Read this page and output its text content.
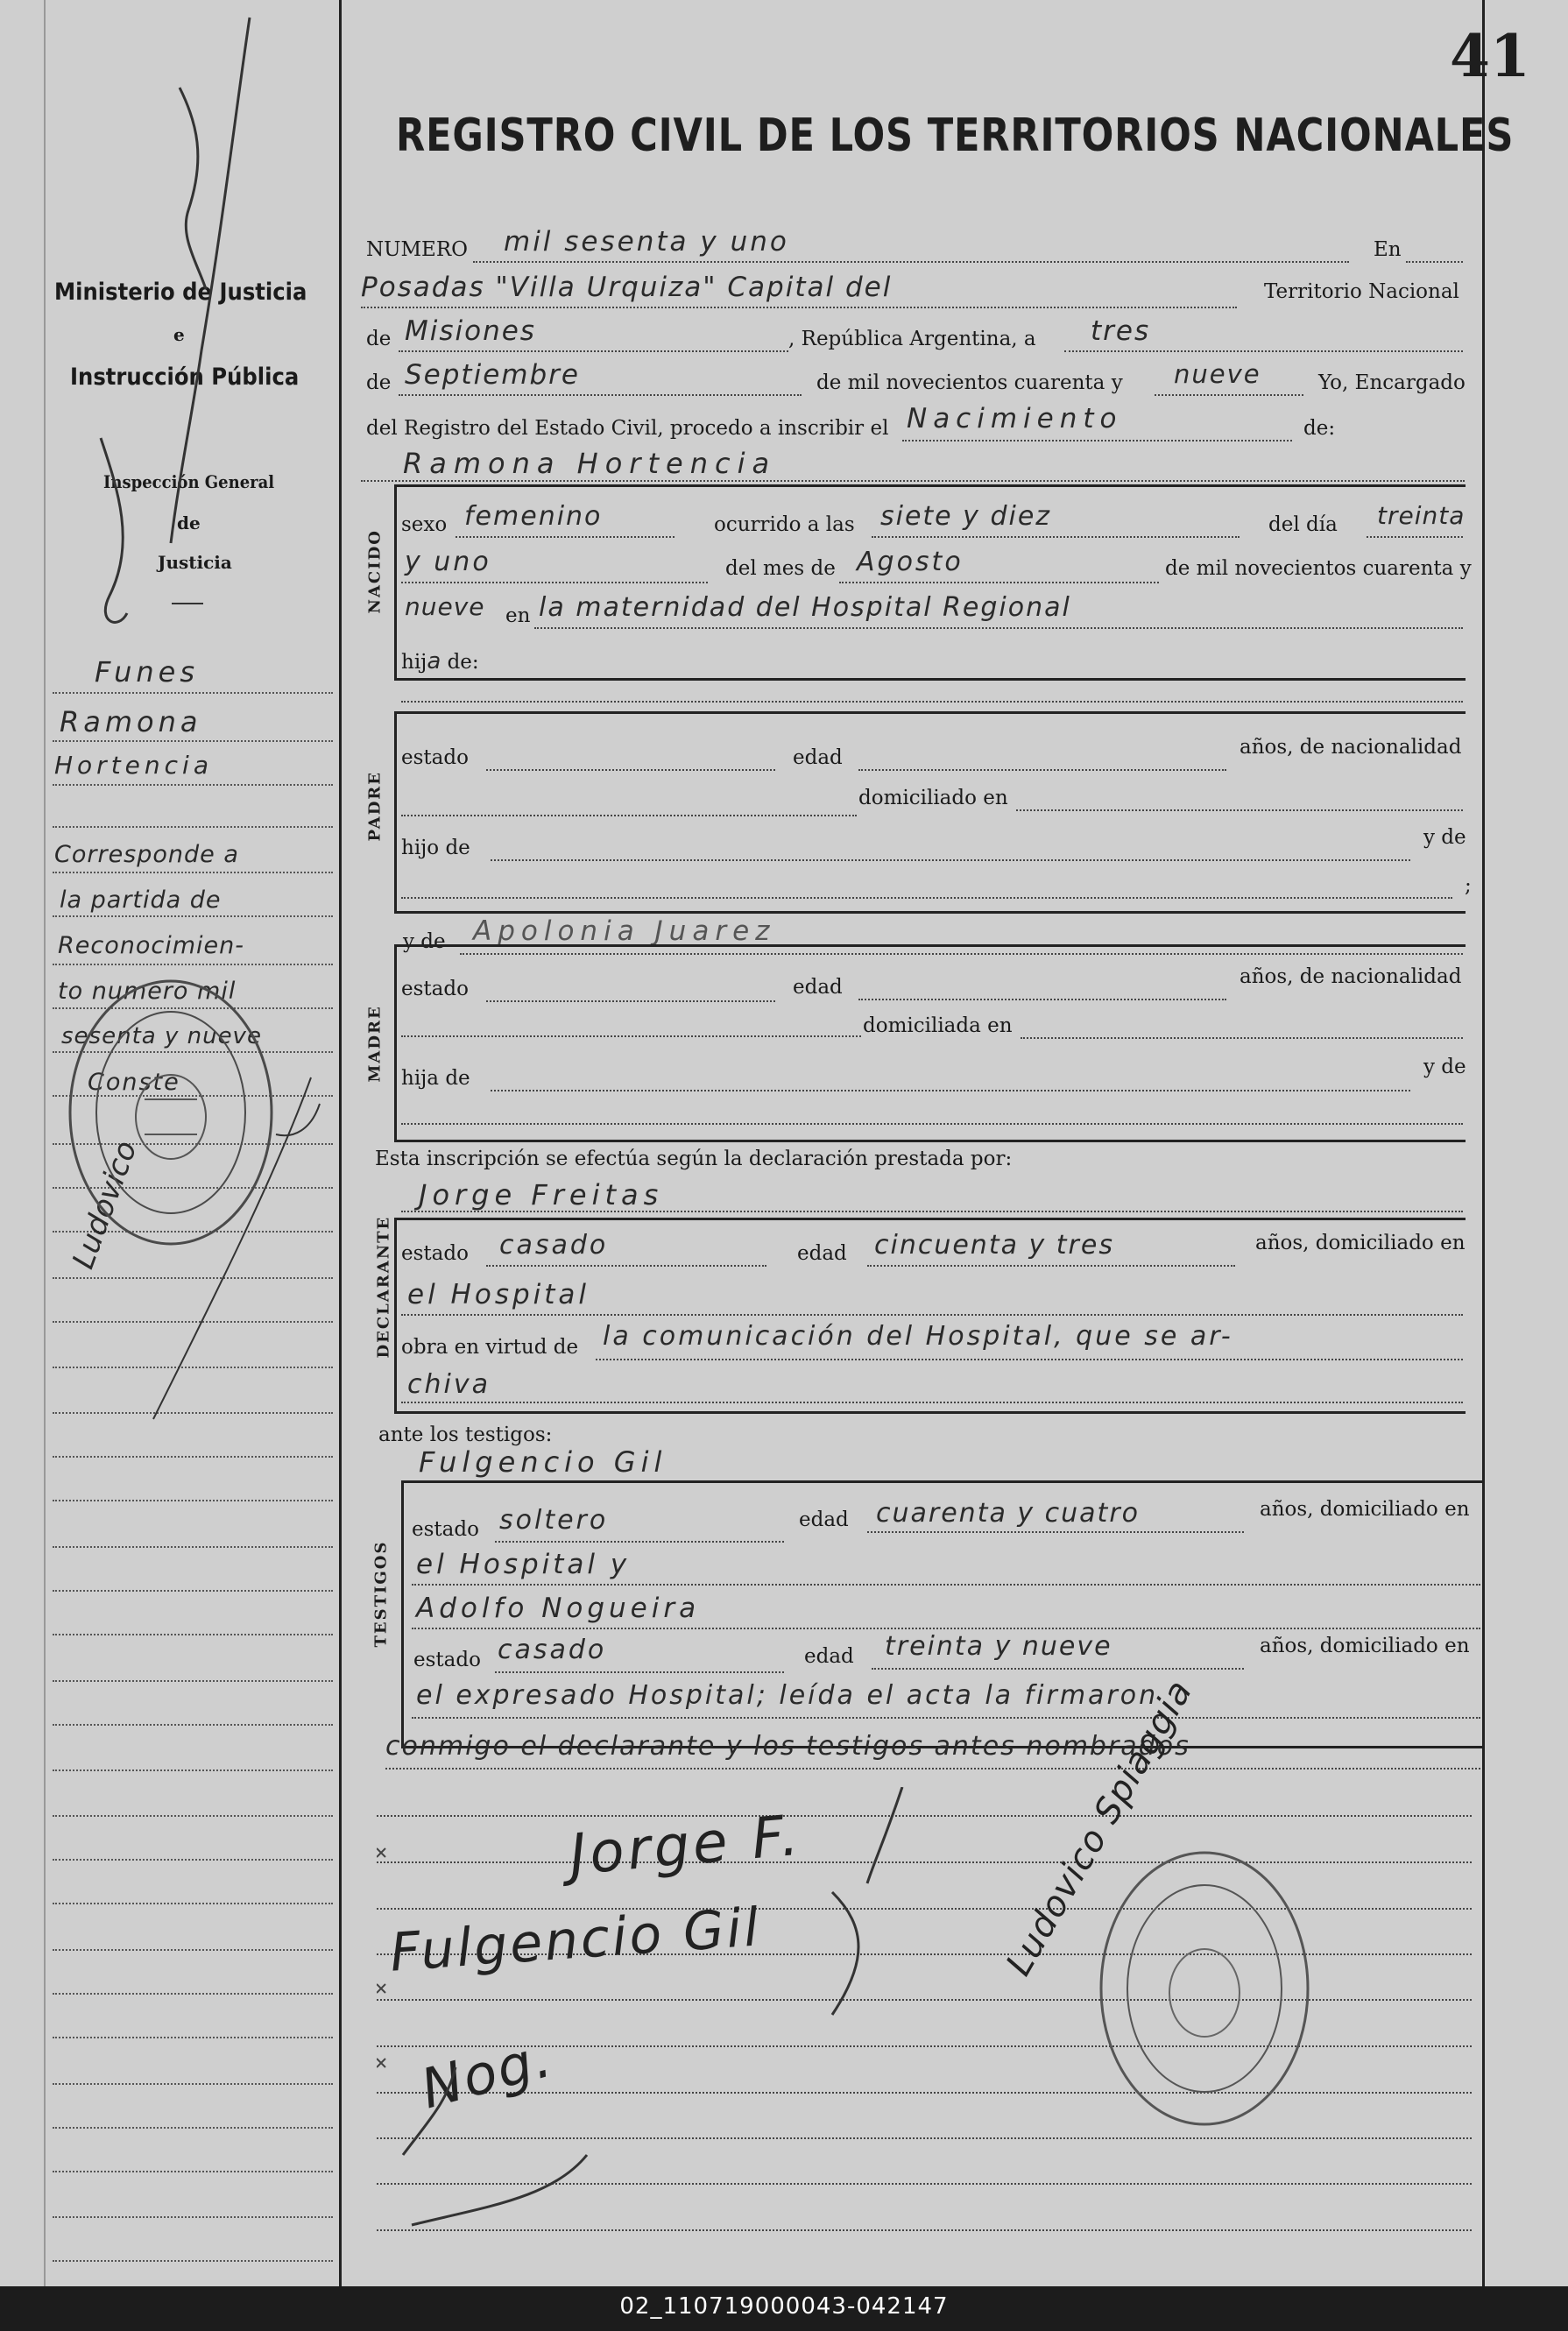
41
REGISTRO CIVIL DE LOS TERRITORIOS NACIONALES
Ministerio de Justicia
e
Instrucción Pública
Inspección General
de
Justicia
Funes
Ramona
Hortencia
Corresponde a
la partida de
Reconocimien-
to numero mil
sesenta y nueve
Conste
Ludovico
NUMERO mil sesenta y uno	En
Posadas "Villa Urquiza" Capital del	Territorio Nacional
de Misiones	, República Argentina, a tres
de Septiembre	de mil novecientos cuarenta y nueve	Yo, Encargado
del Registro del Estado Civil, procedo a inscribir el Nacimiento	de:
Ramona Hortencia
NACIDO
sexo femenino	ocurrido a las siete y diez	del día treinta
y uno	del mes de Agosto	de mil novecientos cuarenta y
nueve en la maternidad del Hospital Regional
hija de:
PADRE
estado	edad	años, de nacionalidad
domiciliado en
hijo de	y de
;
y de Apolonia Juarez
MADRE
estado	edad	años, de nacionalidad
domiciliada en
hija de	y de
Esta inscripción se efectúa según la declaración prestada por:
Jorge Freitas
DECLARANTE estado casado	edad cincuenta y tres	años, domiciliado en
el Hospital
obra en virtud de la comunicación del Hospital, que se ar-
chiva
ante los testigos:
Fulgencio Gil
TESTIGOS
estado soltero	edad cuarenta y cuatro	años, domiciliado en
el Hospital y
Adolfo Nogueira
estado casado	edad treinta y nueve	años, domiciliado en
el expresado Hospital; leída el acta la firmaron
conmigo el declarante y los testigos antes nombrados
Jorge F.
Fulgencio Gil
Nog.
Ludovico Spiaggia
02_110719000043-042147
